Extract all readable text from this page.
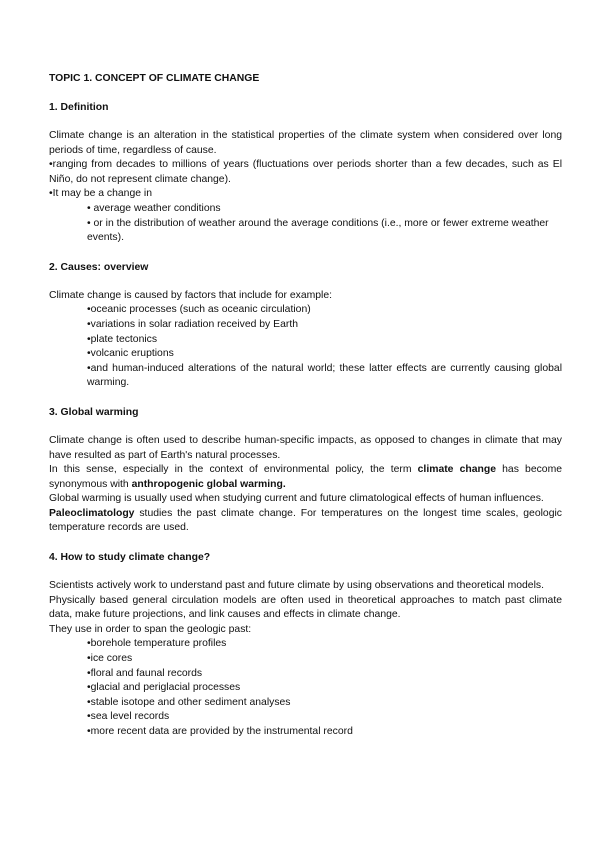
TOPIC 1. CONCEPT OF CLIMATE CHANGE
1. Definition

Climate change is an alteration in the statistical properties of the climate system when considered over long periods of time, regardless of cause.

•ranging from decades to millions of years (fluctuations over periods shorter than a few decades, such as El Niño, do not represent climate change).

•It may be a change in

• average weather conditions
• or in the distribution of weather around the average conditions (i.e., more or fewer extreme weather events).
2. Causes: overview

Climate change is caused by factors that include for example:

•oceanic processes (such as oceanic circulation)
•variations in solar radiation received by Earth
•plate tectonics
•volcanic eruptions
•and human-induced alterations of the natural world; these latter effects are currently causing global warming.
3. Global warming

Climate change is often used to describe human-specific impacts, as opposed to changes in climate that may have resulted as part of Earth's natural processes.

In this sense, especially in the context of environmental policy, the term climate change has become synonymous with anthropogenic global warming.

Global warming is usually used when studying current and future climatological effects of human influences.

Paleoclimatology studies the past climate change. For temperatures on the longest time scales, geologic temperature records are used.

4. How to study climate change?

Scientists actively work to understand past and future climate by using observations and theoretical models.

Physically based general circulation models are often used in theoretical approaches to match past climate data, make future projections, and link causes and effects in climate change.

They use in order to span the geologic past:

•borehole temperature profiles
•ice cores
•floral and faunal records
•glacial and periglacial processes
•stable isotope and other sediment analyses
•sea level records
•more recent data are provided by the instrumental record
